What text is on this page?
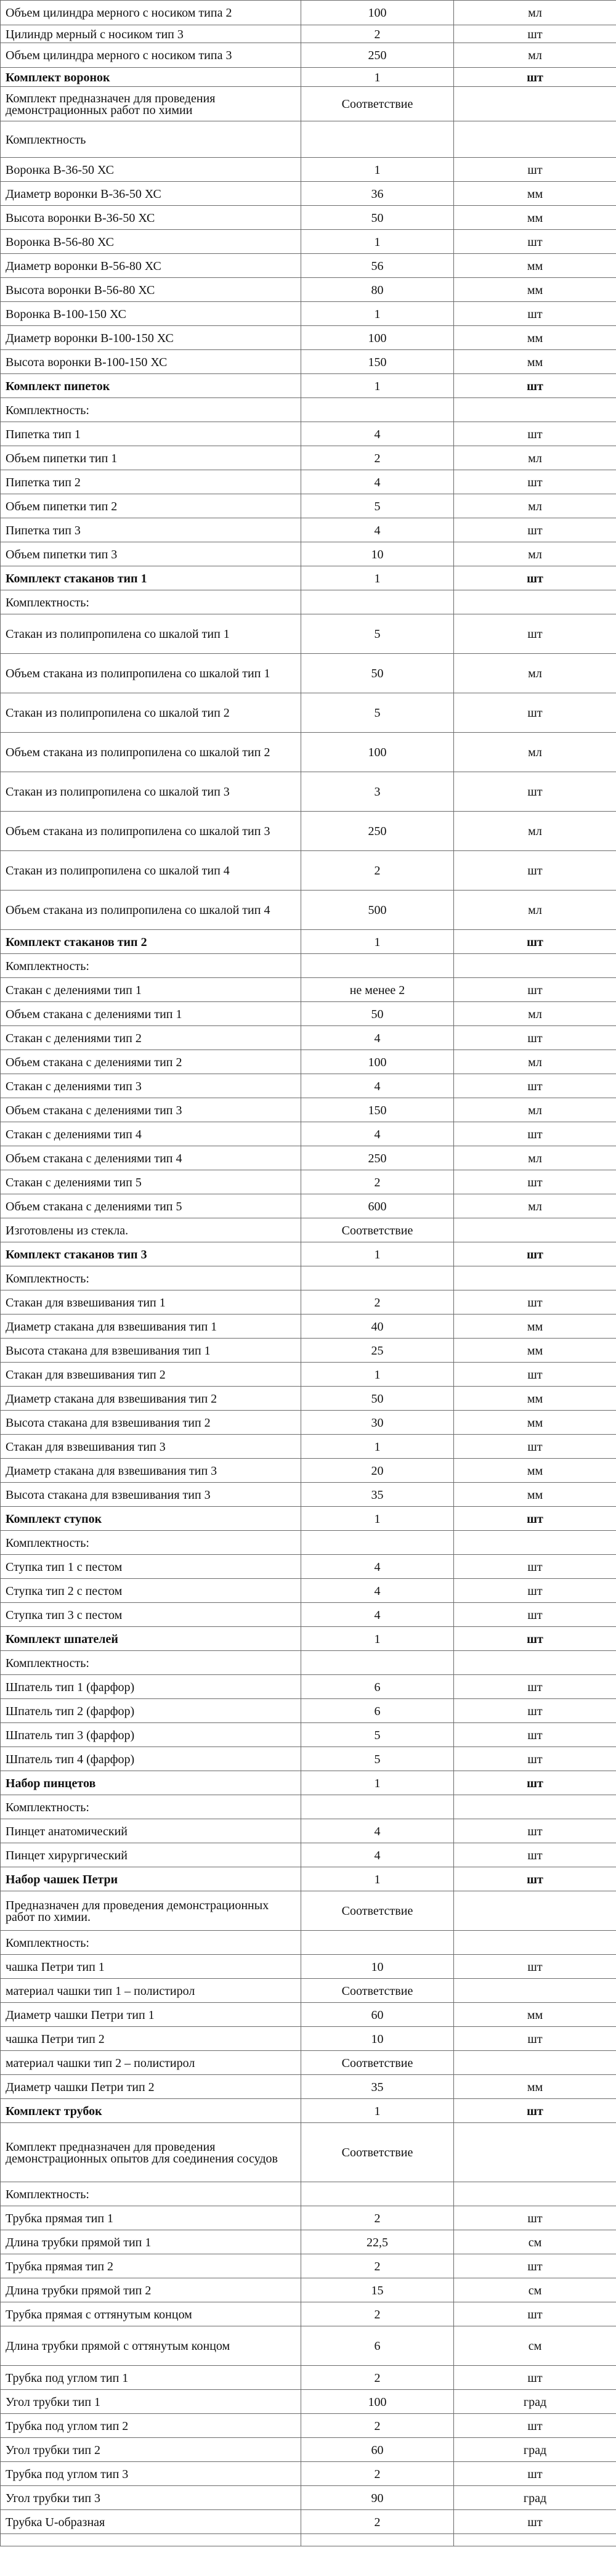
Объем цилиндра мерного с носиком типа 2	100	мл
Цилиндр мерный с носиком тип 3	2	шт
Объем цилиндра мерного с носиком типа 3	250	мл
Комплект воронок	1	шт
Комплект предназначен для проведения демонстрационных работ по химии	Соответствие	
Комплектность		
Воронка В-36-50 ХС	1	шт
Диаметр воронки В-36-50 ХС	36	мм
Высота воронки В-36-50 ХС	50	мм
Воронка В-56-80 ХС	1	шт
Диаметр воронки В-56-80 ХС	56	мм
Высота воронки В-56-80 ХС	80	мм
Воронка В-100-150 ХС	1	шт
Диаметр воронки В-100-150 ХС	100	мм
Высота воронки В-100-150 ХС	150	мм
Комплект пипеток	1	шт
Комплектность:		
Пипетка тип 1	4	шт
Объем пипетки тип 1	2	мл
Пипетка тип 2	4	шт
Объем пипетки тип 2	5	мл
Пипетка тип 3	4	шт
Объем пипетки тип 3	10	мл
Комплект стаканов тип 1	1	шт
Комплектность:		
Стакан из полипропилена со шкалой тип 1	5	шт
Объем стакана из полипропилена со шкалой тип 1	50	мл
Стакан из полипропилена со шкалой тип 2	5	шт
Объем стакана из полипропилена со шкалой тип 2	100	мл
Стакан из полипропилена со шкалой тип 3	3	шт
Объем стакана из полипропилена со шкалой тип 3	250	мл
Стакан из полипропилена со шкалой тип 4	2	шт
Объем стакана из полипропилена со шкалой тип 4	500	мл
Комплект стаканов тип 2	1	шт
Комплектность:		
Стакан с делениями тип 1	не менее 2	шт
Объем стакана с делениями тип 1	50	мл
Стакан с делениями тип 2	4	шт
Объем стакана с делениями тип 2	100	мл
Стакан с делениями тип 3	4	шт
Объем стакана с делениями тип 3	150	мл
Стакан с делениями тип 4	4	шт
Объем стакана с делениями тип 4	250	мл
Стакан с делениями тип 5	2	шт
Объем стакана с делениями тип 5	600	мл
Изготовлены из стекла.	Соответствие	
Комплект стаканов тип 3	1	шт
Комплектность:		
Стакан для взвешивания тип 1	2	шт
Диаметр стакана для взвешивания тип 1	40	мм
Высота стакана для взвешивания тип 1	25	мм
Стакан для взвешивания тип 2	1	шт
Диаметр стакана для взвешивания тип 2	50	мм
Высота стакана для взвешивания тип 2	30	мм
Стакан для взвешивания тип 3	1	шт
Диаметр стакана для взвешивания тип 3	20	мм
Высота стакана для взвешивания тип 3	35	мм
Комплект ступок	1	шт
Комплектность:		
Ступка тип 1 с пестом	4	шт
Ступка тип 2 с пестом	4	шт
Ступка тип 3 с пестом	4	шт
Комплект шпателей	1	шт
Комплектность:		
Шпатель тип 1 (фарфор)	6	шт
Шпатель тип 2 (фарфор)	6	шт
Шпатель тип 3 (фарфор)	5	шт
Шпатель тип 4 (фарфор)	5	шт
Набор пинцетов	1	шт
Комплектность:		
Пинцет анатомический	4	шт
Пинцет хирургический	4	шт
Набор чашек Петри	1	шт
Предназначен для проведения демонстрационных работ по химии.	Соответствие	
Комплектность:		
чашка Петри тип 1	10	шт
материал чашки тип 1 – полистирол	Соответствие	
Диаметр чашки Петри тип 1	60	мм
чашка Петри тип 2	10	шт
материал чашки тип 2 – полистирол	Соответствие	
Диаметр чашки Петри тип 2	35	мм
Комплект трубок	1	шт
Комплект предназначен для проведения демонстрационных опытов для соединения сосудов	Соответствие	
Комплектность:		
Трубка прямая тип 1	2	шт
Длина трубки прямой тип 1	22,5	см
Трубка прямая тип 2	2	шт
Длина трубки прямой тип 2	15	см
Трубка прямая с оттянутым концом	2	шт
Длина трубки прямой с оттянутым концом	6	см
Трубка под углом тип 1	2	шт
Угол трубки тип 1	100	град
Трубка под углом тип 2	2	шт
Угол трубки тип 2	60	град
Трубка под углом тип 3	2	шт
Угол трубки тип 3	90	град
Трубка U-образная	2	шт
